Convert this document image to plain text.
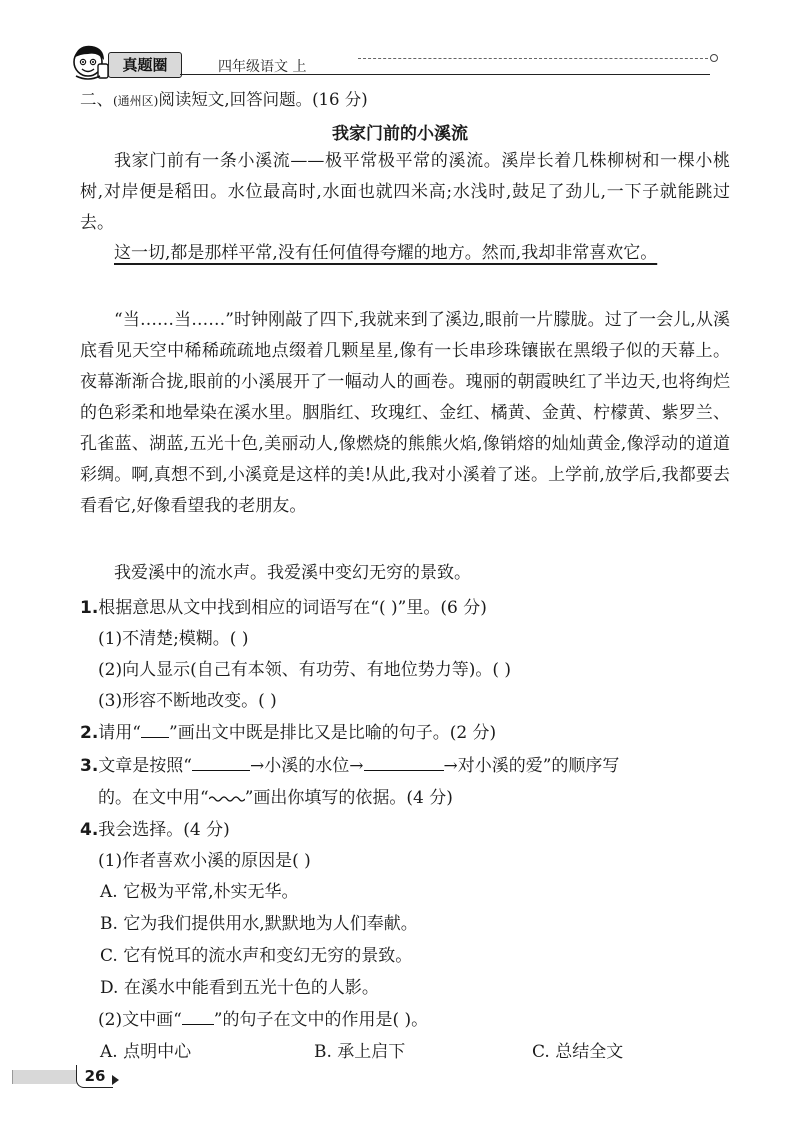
真题圈	四年级语文 上
二、(通州区)阅读短文,回答问题。(16 分)
我家门前的小溪流
我家门前有一条小溪流——极平常极平常的溪流。溪岸长着几株柳树和一棵小桃树,对岸便是稻田。水位最高时,水面也就四米高;水浅时,鼓足了劲儿,一下子就能跳过去。
这一切,都是那样平常,没有任何值得夸耀的地方。然而,我却非常喜欢它。
“当……当……”时钟刚敲了四下,我就来到了溪边,眼前一片朦胧。过了一会儿,从溪底看见天空中稀稀疏疏地点缀着几颗星星,像有一长串珍珠镶嵌在黑缎子似的天幕上。夜幕渐渐合拢,眼前的小溪展开了一幅动人的画卷。瑰丽的朝霞映红了半边天,也将绚烂的色彩柔和地晕染在溪水里。胭脂红、玫瑰红、金红、橘黄、金黄、柠檬黄、紫罗兰、孔雀蓝、湖蓝,五光十色,美丽动人,像燃烧的熊熊火焰,像销熔的灿灿黄金,像浮动的道道彩绸。啊,真想不到,小溪竟是这样的美!从此,我对小溪着了迷。上学前,放学后,我都要去看看它,好像看望我的老朋友。
我爱溪中的流水声。我爱溪中变幻无穷的景致。
1.根据意思从文中找到相应的词语写在“( )”里。(6 分)
(1)不清楚;模糊。( )
(2)向人显示(自己有本领、有功劳、有地位势力等)。( )
(3)形容不断地改变。( )
2.请用“ ”画出文中既是排比又是比喻的句子。(2 分)
3.文章是按照“	→小溪的水位→	→对小溪的爱”的顺序写
的。在文中用“ ”画出你填写的依据。(4 分)
4.我会选择。(4 分)
(1)作者喜欢小溪的原因是( )
A. 它极为平常,朴实无华。
B. 它为我们提供用水,默默地为人们奉献。
C. 它有悦耳的流水声和变幻无穷的景致。
D. 在溪水中能看到五光十色的人影。
(2)文中画“ ”的句子在文中的作用是( )。
A. 点明中心	B. 承上启下	C. 总结全文
26
